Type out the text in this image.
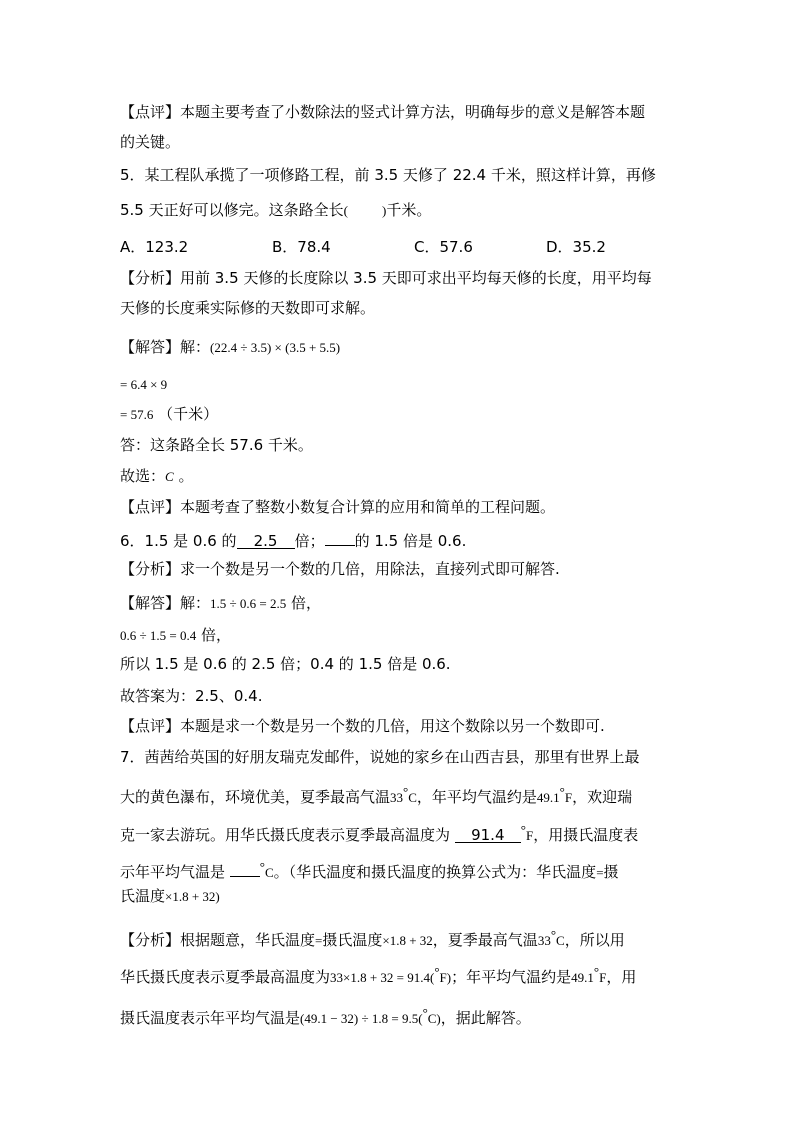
【点评】本题主要考查了小数除法的竖式计算方法，明确每步的意义是解答本题
的关键。
5．某工程队承揽了一项修路工程，前 3.5 天修了 22.4 千米，照这样计算，再修
5.5 天正好可以修完。这条路全长(	)千米。
A．123.2	B．78.4	C．57.6	D．35.2
【分析】用前 3.5 天修的长度除以 3.5 天即可求出平均每天修的长度，用平均每
天修的长度乘实际修的天数即可求解。
【解答】解：(22.4 ÷ 3.5) × (3.5 + 5.5)
= 6.4 × 9
= 57.6 （千米）
答：这条路全长 57.6 千米。
故选：C 。
【点评】本题考查了整数小数复合计算的应用和简单的工程问题。
6．1.5 是 0.6 的 2.5 倍； 的 1.5 倍是 0.6.
【分析】求一个数是另一个数的几倍，用除法，直接列式即可解答.
【解答】解：1.5 ÷ 0.6 = 2.5 倍，
0.6 ÷ 1.5 = 0.4 倍，
所以 1.5 是 0.6 的 2.5 倍；0.4 的 1.5 倍是 0.6.
故答案为：2.5、0.4.
【点评】本题是求一个数是另一个数的几倍，用这个数除以另一个数即可.
7．茜茜给英国的好朋友瑞克发邮件，说她的家乡在山西吉县，那里有世界上最
大的黄色瀑布，环境优美，夏季最高气温33°C，年平均气温约是49.1°F，欢迎瑞
克一家去游玩。用华氏摄氏度表示夏季最高温度为 91.4 °F，用摄氏温度表
示年平均气温是	°C。（华氏温度和摄氏温度的换算公式为：华氏温度=摄
氏温度×1.8 + 32)
【分析】根据题意，华氏温度=摄氏温度×1.8 + 32，夏季最高气温33°C，所以用
华氏摄氏度表示夏季最高温度为33×1.8 + 32 = 91.4(°F)；年平均气温约是49.1°F，用
摄氏温度表示年平均气温是(49.1 − 32) ÷ 1.8 = 9.5(°C)，据此解答。
